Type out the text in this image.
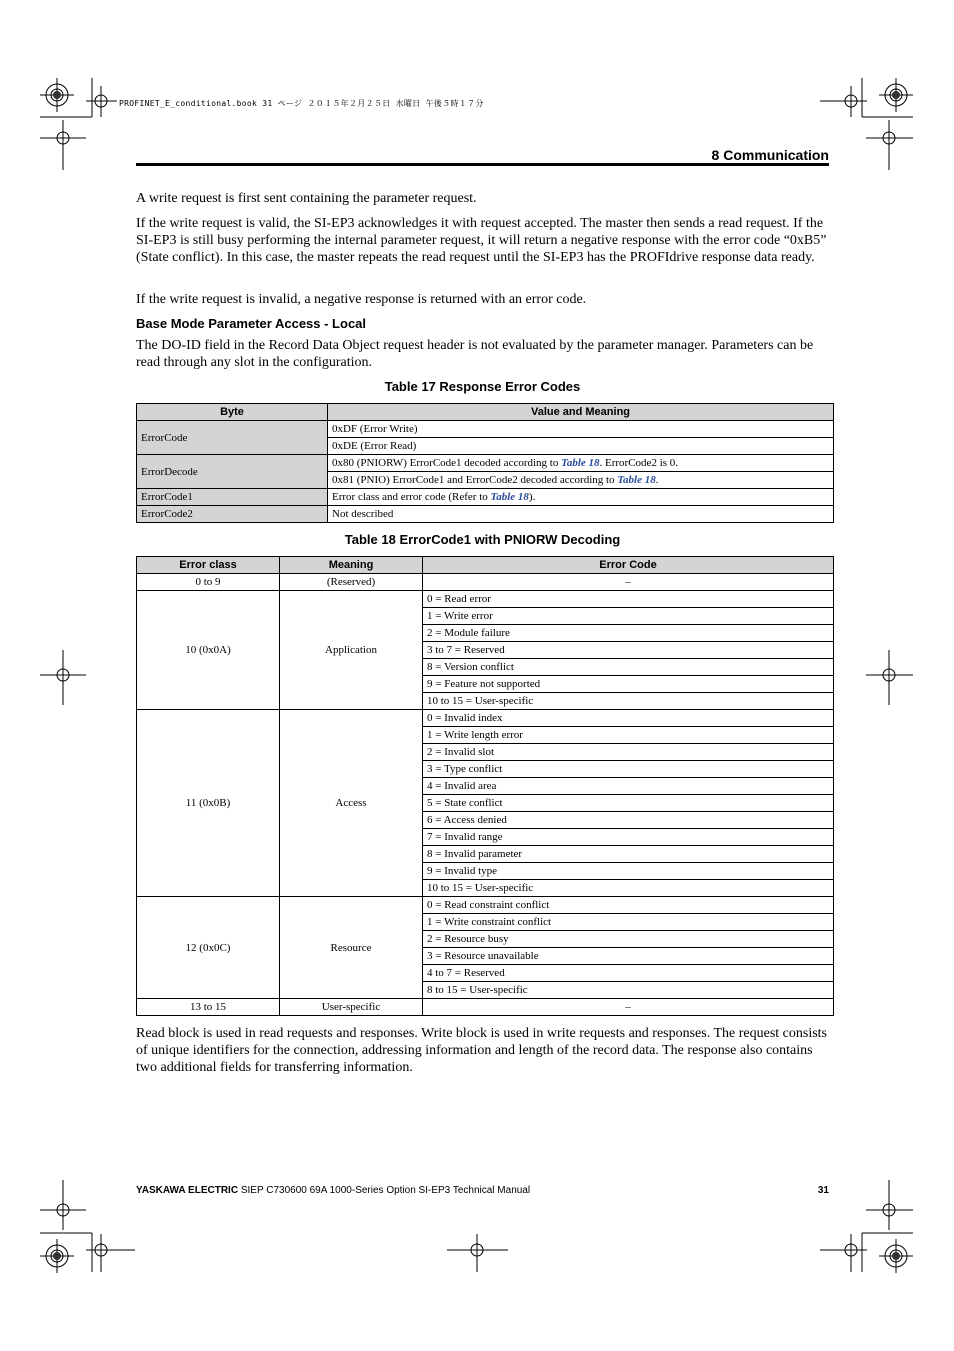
PROFINET_E_conditional.book 31 ページ ２０１５年２月２５日 水曜日 午後５時１７分
8 Communication
A write request is first sent containing the parameter request.
If the write request is valid, the SI-EP3 acknowledges it with request accepted. The master then sends a read request. If the SI-EP3 is still busy performing the internal parameter request, it will return a negative response with the error code “0xB5” (State conflict). In this case, the master repeats the read request until the SI-EP3 has the PROFIdrive response data ready.
If the write request is invalid, a negative response is returned with an error code.
Base Mode Parameter Access - Local
The DO-ID field in the Record Data Object request header is not evaluated by the parameter manager. Parameters can be read through any slot in the configuration.
Table 17 Response Error Codes
Byte	Value and Meaning
ErrorCode	0xDF (Error Write)
	0xDE (Error Read)
ErrorDecode	0x80 (PNIORW) ErrorCode1 decoded according to Table 18. ErrorCode2 is 0.
	0x81 (PNIO) ErrorCode1 and ErrorCode2 decoded according to Table 18.
ErrorCode1	Error class and error code (Refer to Table 18).
ErrorCode2	Not described
Table 18 ErrorCode1 with PNIORW Decoding
Error class	Meaning	Error Code
0 to 9	(Reserved)	–
10 (0x0A)	Application	0 = Read error
		1 = Write error
		2 = Module failure
		3 to 7 = Reserved
		8 = Version conflict
		9 = Feature not supported
		10 to 15 = User-specific
11 (0x0B)	Access	0 = Invalid index
		1 = Write length error
		2 = Invalid slot
		3 = Type conflict
		4 = Invalid area
		5 = State conflict
		6 = Access denied
		7 = Invalid range
		8 = Invalid parameter
		9 = Invalid type
		10 to 15 = User-specific
12 (0x0C)	Resource	0 = Read constraint conflict
		1 = Write constraint conflict
		2 = Resource busy
		3 = Resource unavailable
		4 to 7 = Reserved
		8 to 15 = User-specific
13 to 15	User-specific	–
Read block is used in read requests and responses. Write block is used in write requests and responses. The request consists of unique identifiers for the connection, addressing information and length of the record data. The response also contains two additional fields for transferring information.
YASKAWA ELECTRIC SIEP C730600 69A 1000-Series Option SI-EP3 Technical Manual	31
